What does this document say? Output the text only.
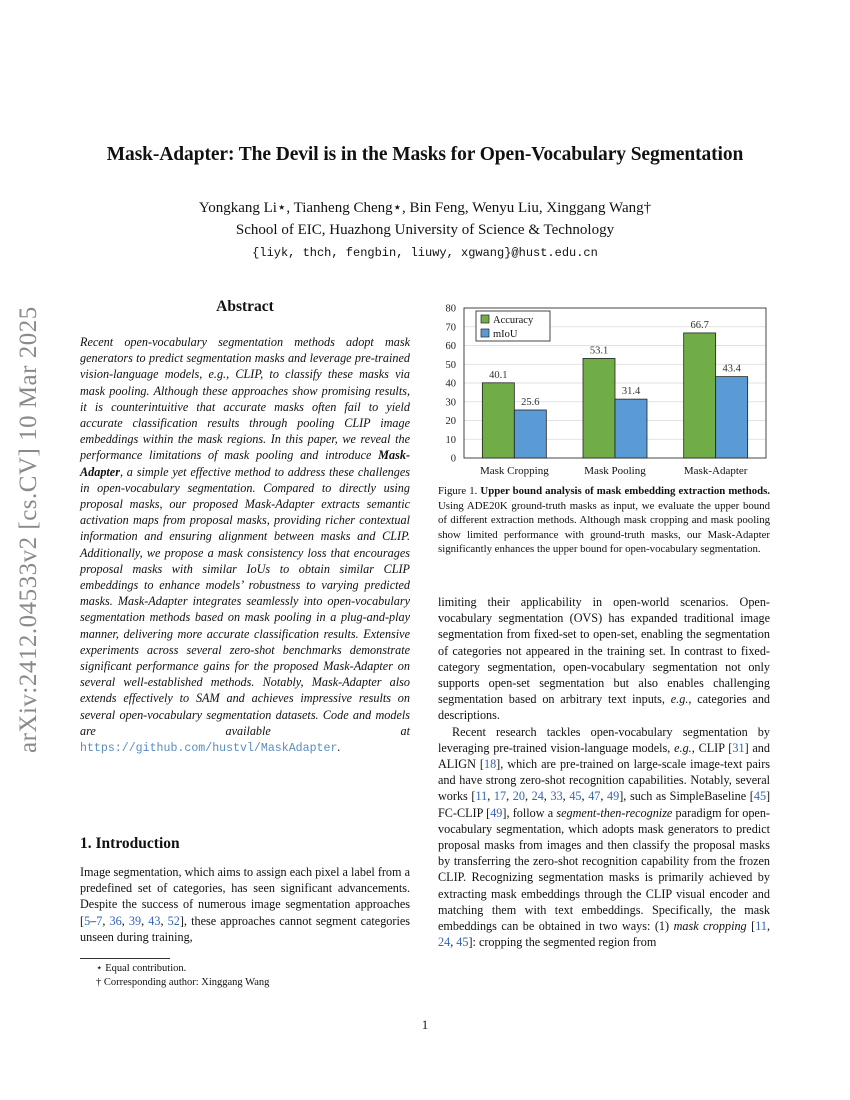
arXiv:2412.04533v2 [cs.CV] 10 Mar 2025
Mask-Adapter: The Devil is in the Masks for Open-Vocabulary Segmentation
Yongkang Li⋆, Tianheng Cheng⋆, Bin Feng, Wenyu Liu, Xinggang Wang†
School of EIC, Huazhong University of Science & Technology
{liyk, thch, fengbin, liuwy, xgwang}@hust.edu.cn
Abstract
Recent open-vocabulary segmentation methods adopt mask generators to predict segmentation masks and leverage pre-trained vision-language models, e.g., CLIP, to classify these masks via mask pooling. Although these approaches show promising results, it is counterintuitive that accurate masks often fail to yield accurate classification results through pooling CLIP image embeddings within the mask regions. In this paper, we reveal the performance limitations of mask pooling and introduce Mask-Adapter, a simple yet effective method to address these challenges in open-vocabulary segmentation. Compared to directly using proposal masks, our proposed Mask-Adapter extracts semantic activation maps from proposal masks, providing richer contextual information and ensuring alignment between masks and CLIP. Additionally, we propose a mask consistency loss that encourages proposal masks with similar IoUs to obtain similar CLIP embeddings to enhance models’ robustness to varying predicted masks. Mask-Adapter integrates seamlessly into open-vocabulary segmentation methods based on mask pooling in a plug-and-play manner, delivering more accurate classification results. Extensive experiments across several zero-shot benchmarks demonstrate significant performance gains for the proposed Mask-Adapter on several well-established methods. Notably, Mask-Adapter also extends effectively to SAM and achieves impressive results on several open-vocabulary segmentation datasets. Code and models are available at https://github.com/hustvl/MaskAdapter.
1. Introduction
Image segmentation, which aims to assign each pixel a label from a predefined set of categories, has seen significant advancements. Despite the success of numerous image segmentation approaches [5–7, 36, 39, 43, 52], these approaches cannot segment categories unseen during training,
⋆ Equal contribution.
† Corresponding author: Xinggang Wang
0
10
20
30
40
50
60
70
80
40.1
25.6
Mask Cropping
53.1
31.4
Mask Pooling
66.7
43.4
Mask-Adapter
Accuracy
mIoU
Figure 1. Upper bound analysis of mask embedding extraction methods. Using ADE20K ground-truth masks as input, we evaluate the upper bound of different extraction methods. Although mask cropping and mask pooling show limited performance with ground-truth masks, our Mask-Adapter significantly enhances the upper bound for open-vocabulary segmentation.

limiting their applicability in open-world scenarios. Open-vocabulary segmentation (OVS) has expanded traditional image segmentation from fixed-set to open-set, enabling the segmentation of categories not appeared in the training set. In contrast to fixed-category segmentation, open-vocabulary segmentation not only supports open-set segmentation but also enables challenging segmentation based on arbitrary text inputs, e.g., categories and descriptions.

Recent research tackles open-vocabulary segmentation by leveraging pre-trained vision-language models, e.g., CLIP [31] and ALIGN [18], which are pre-trained on large-scale image-text pairs and have strong zero-shot recognition capabilities. Notably, several works [11, 17, 20, 24, 33, 45, 47, 49], such as SimpleBaseline [45] FC-CLIP [49], follow a segment-then-recognize paradigm for open-vocabulary segmentation, which adopts mask generators to predict proposal masks from images and then classify the proposal masks by transferring the zero-shot recognition capability from the frozen CLIP. Recognizing segmentation masks is primarily achieved by extracting mask embeddings through the CLIP visual encoder and matching them with text embeddings. Specifically, the mask embeddings can be obtained in two ways: (1) mask cropping [11, 24, 45]: cropping the segmented region from

1
